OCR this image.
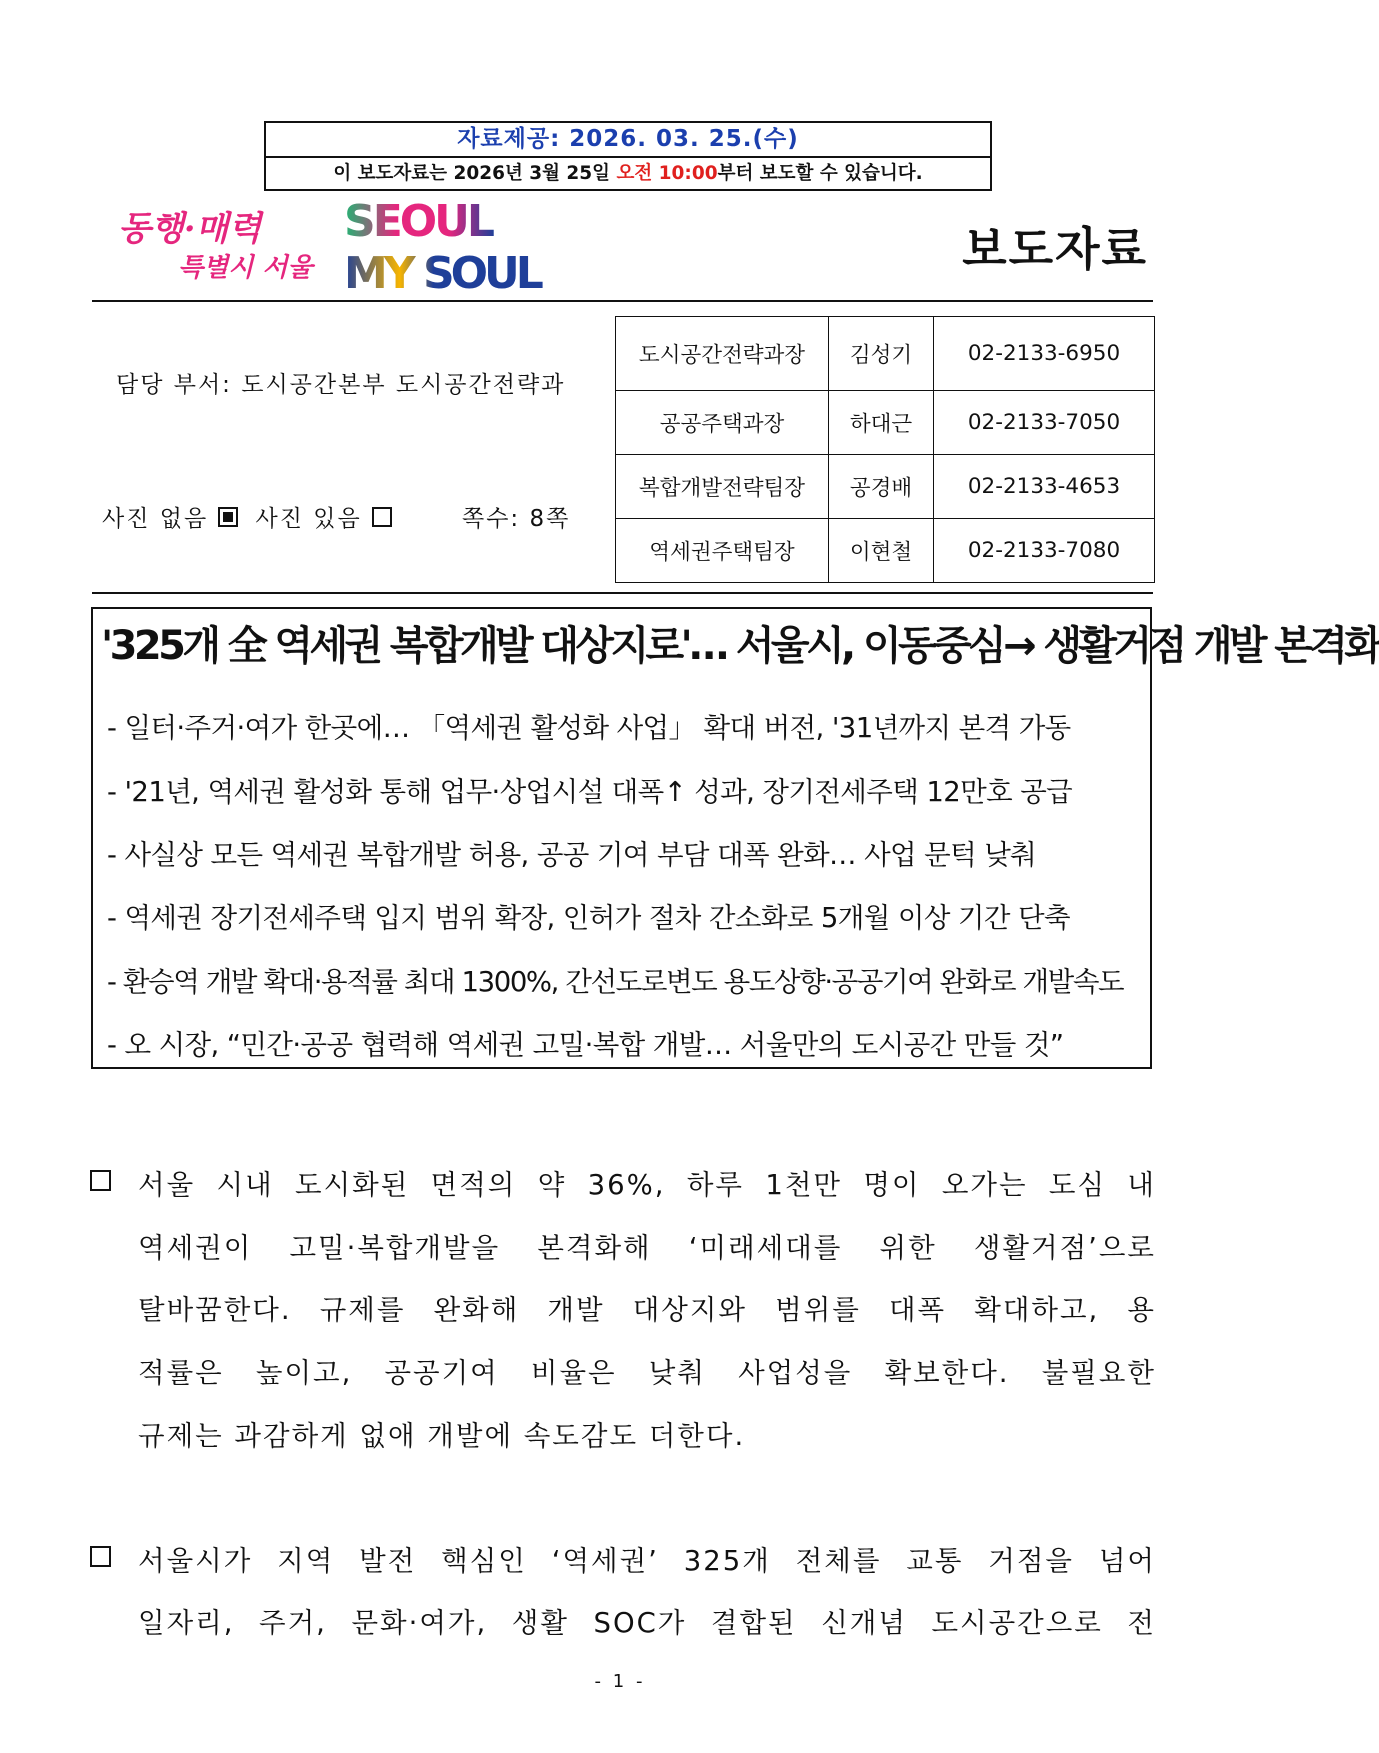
자료제공: 2026. 03. 25.(수)
이 보도자료는 2026년 3월 25일 오전 10:00부터 보도할 수 있습니다.
동행·매력
특별시 서울
SEOUL
MY SOUL	보도자료
담당 부서: 도시공간본부 도시공간전략과
사진 없음 사진 있음	쪽수: 8쪽
도시공간전략과장	김성기	02-2133-6950
공공주택과장	하대근	02-2133-7050
복합개발전략팀장	공경배	02-2133-4653
역세권주택팀장	이현철	02-2133-7080
'325개 全 역세권 복합개발 대상지로'… 서울시, 이동중심→ 생활거점 개발 본격화
- 일터·주거·여가 한곳에… 「역세권 활성화 사업」 확대 버전, '31년까지 본격 가동
- '21년, 역세권 활성화 통해 업무·상업시설 대폭↑ 성과, 장기전세주택 12만호 공급
- 사실상 모든 역세권 복합개발 허용, 공공 기여 부담 대폭 완화… 사업 문턱 낮춰
- 역세권 장기전세주택 입지 범위 확장, 인허가 절차 간소화로 5개월 이상 기간 단축
- 환승역 개발 확대·용적률 최대 1300%, 간선도로변도 용도상향·공공기여 완화로 개발속도
- 오 시장, “민간·공공 협력해 역세권 고밀·복합 개발… 서울만의 도시공간 만들 것”
서울 시내 도시화된 면적의 약 36%, 하루 1천만 명이 오가는 도심 내
역세권이 고밀·복합개발을 본격화해 ‘미래세대를 위한 생활거점’으로
탈바꿈한다. 규제를 완화해 개발 대상지와 범위를 대폭 확대하고, 용
적률은 높이고, 공공기여 비율은 낮춰 사업성을 확보한다. 불필요한
규제는 과감하게 없애 개발에 속도감도 더한다.
서울시가 지역 발전 핵심인 ‘역세권’ 325개 전체를 교통 거점을 넘어
일자리, 주거, 문화·여가, 생활 SOC가 결합된 신개념 도시공간으로 전
- 1 -
